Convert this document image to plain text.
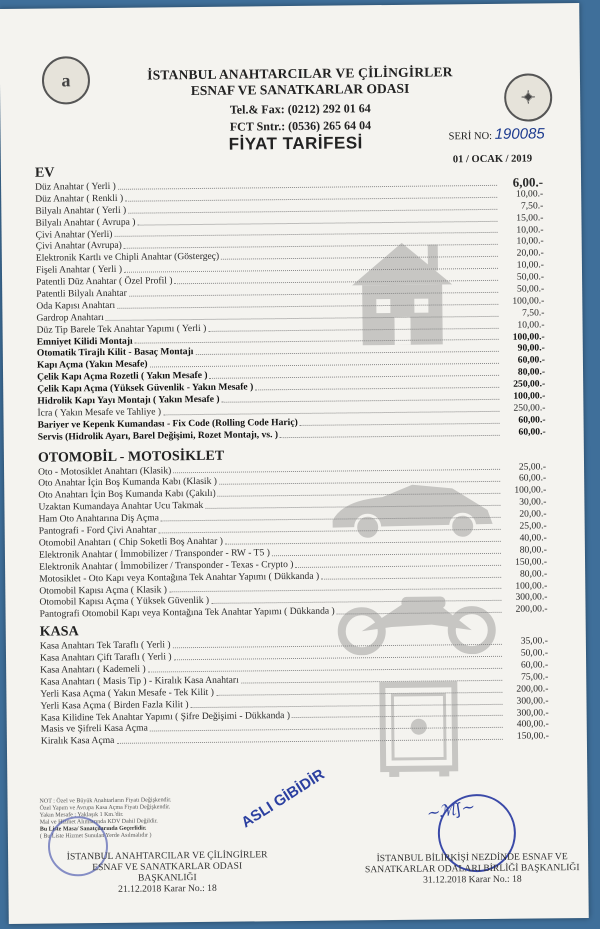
a
✦
İSTANBUL ANAHTARCILAR VE ÇİLİNGİRLER
ESNAF VE SANATKARLAR ODASI
Tel.& Fax: (0212) 292 01 64
FCT Sntr.: (0536) 265 64 04
FİYAT TARİFESİ	SERİ NO: 190085
01 / OCAK / 2019
EV
Düz Anahtar ( Yerli )	6,00.-
Düz Anahtar ( Renkli )	10,00.-
Bilyalı Anahtar ( Yerli )	7,50.-
Bilyalı Anahtar ( Avrupa )	15,00.-
Çivi Anahtar (Yerli)	10,00.-
Çivi Anahtar (Avrupa)	10,00.-
Elektronik Kartlı ve Chipli Anahtar (Göstergeç)	20,00.-
Fişeli Anahtar ( Yerli )	10,00.-
Patentli Düz Anahtar ( Özel Profil )	50,00.-
Patentli Bilyalı Anahtar	50,00.-
Oda Kapısı Anahtarı	100,00.-
Gardrop Anahtarı	7,50.-
Düz Tip Barele Tek Anahtar Yapımı ( Yerli )	10,00.-
Emniyet Kilidi Montajı	100,00.-
Otomatik Tirajlı Kilit - Basaç Montajı	90,00.-
Kapı Açma (Yakın Mesafe)	60,00.-
Çelik Kapı Açma Rozetli ( Yakın Mesafe )	80,00.-
Çelik Kapı Açma (Yüksek Güvenlik - Yakın Mesafe )	250,00.-
Hidrolik Kapı Yayı Montajı ( Yakın Mesafe )	100,00.-
İcra ( Yakın Mesafe ve Tahliye )	250,00.-
Bariyer ve Kepenk Kumandası - Fix Code (Rolling Code Hariç)	60,00.-
Servis (Hidrolik Ayarı, Barel Değişimi, Rozet Montajı, vs. )	60,00.-
OTOMOBİL - MOTOSİKLET
Oto - Motosiklet Anahtarı (Klasik)	25,00.-
Oto Anahtar İçin Boş Kumanda Kabı (Klasik )	60,00.-
Oto Anahtarı İçin Boş Kumanda Kabı (Çakılı)	100,00.-
Uzaktan Kumandaya Anahtar Ucu Takmak	30,00.-
Ham Oto Anahtarına Diş Açma	20,00.-
Pantografi - Ford Çivi Anahtar	25,00.-
Otomobil Anahtarı ( Chip Soketli Boş Anahtar )	40,00.-
Elektronik Anahtar ( İmmobilizer / Transponder - RW - T5 )	80,00.-
Elektronik Anahtar ( İmmobilizer / Transponder - Texas - Crypto )	150,00.-
Motosiklet - Oto Kapı veya Kontağına Tek Anahtar Yapımı ( Dükkanda )	80,00.-
Otomobil Kapısı Açma ( Klasik )	100,00.-
Otomobil Kapısı Açma ( Yüksek Güvenlik )	300,00.-
Pantografi Otomobil Kapı veya Kontağına Tek Anahtar Yapımı ( Dükkanda )	200,00.-
KASA
Kasa Anahtarı Tek Taraflı ( Yerli )	35,00.-
Kasa Anahtarı Çift Taraflı ( Yerli )	50,00.-
Kasa Anahtarı ( Kademeli )	60,00.-
Kasa Anahtarı ( Masis Tip ) - Kiralık Kasa Anahtarı	75,00.-
Yerli Kasa Açma ( Yakın Mesafe - Tek Kilit )	200,00.-
Yerli Kasa Açma ( Birden Fazla Kilit )	300,00.-
Kasa Kilidine Tek Anahtar Yapımı ( Şifre Değişimi - Dükkanda )	300,00.-
Masis ve Şifreli Kasa Açma	400,00.-
Kiralık Kasa Açma	150,00.-
NOT : Özel ve Büyük Anahtarların Fiyatı Değişkendir.
Özel Yapım ve Avrupa Kasa Açma Fiyatı Değişkendir.
Yakın Mesafe : Yaklaşık 1 Km.'dir.
Mal ve Hizmet Alımlarında KDV Dahil Değildir.
Bu Liste Masa/ Sanatçılarında Geçerlidir.
( Bu Liste Hizmet Sunulan Yerde Asılmalıdır )
ASLI GİBİDİR	∼ℳ∫∼
İSTANBUL ANAHTARCILAR VE ÇİLİNGİRLER
ESNAF VE SANATKARLAR ODASI BAŞKANLIĞI
21.12.2018 Karar No.: 18
İSTANBUL BİLİRKİŞİ NEZDİNDE ESNAF VE
SANATKARLAR ODALARI BİRLİĞİ BAŞKANLIĞI
31.12.2018 Karar No.: 18
